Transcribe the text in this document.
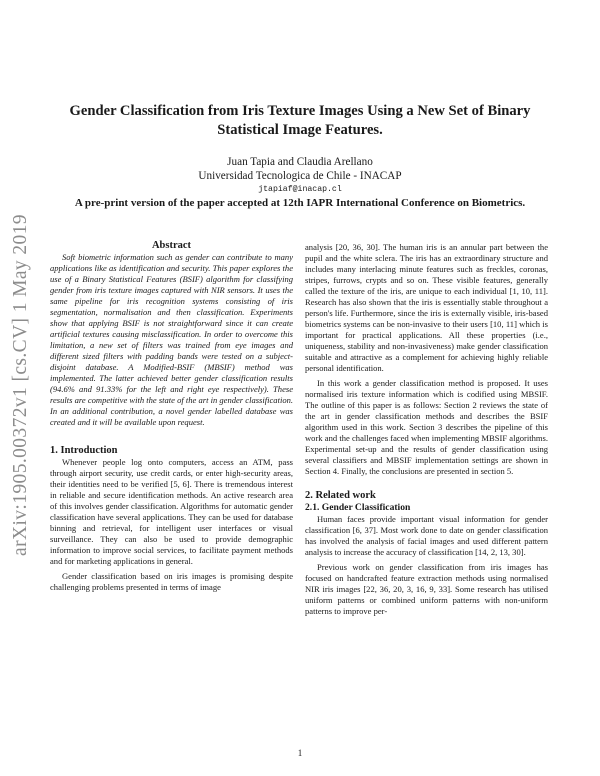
arXiv:1905.00372v1 [cs.CV] 1 May 2019
Gender Classification from Iris Texture Images Using a New Set of Binary
Statistical Image Features.
Juan Tapia and Claudia Arellano
Universidad Tecnologica de Chile - INACAP
jtapiaf@inacap.cl
A pre-print version of the paper accepted at 12th IAPR International Conference on Biometrics.

Abstract

Soft biometric information such as gender can contribute to many applications like as identification and security. This paper explores the use of a Binary Statistical Features (BSIF) algorithm for classifying gender from iris texture images captured with NIR sensors. It uses the same pipeline for iris recognition systems consisting of iris segmentation, normalisation and then classification. Experiments show that applying BSIF is not straightforward since it can create artificial textures causing misclassification. In order to overcome this limitation, a new set of filters was trained from eye images and different sized filters with padding bands were tested on a subject-disjoint database. A Modified-BSIF (MBSIF) method was implemented. The latter achieved better gender classification results (94.6% and 91.33% for the left and right eye respectively). These results are competitive with the state of the art in gender classification. In an additional contribution, a novel gender labelled database was created and it will be available upon request.

1. Introduction

Whenever people log onto computers, access an ATM, pass through airport security, use credit cards, or enter high-security areas, their identities need to be verified [5, 6]. There is tremendous interest in reliable and secure identification methods. An active research area of this involves gender classification. Algorithms for automatic gender classification have several applications. They can be used for database binning and retrieval, for intelligent user interfaces or visual surveillance. They can also be used to provide demographic information to improve social services, to facilitate payment methods and for marketing applications in general.

Gender classification based on iris images is promising despite challenging problems presented in terms of image

analysis [20, 36, 30]. The human iris is an annular part between the pupil and the white sclera. The iris has an extraordinary structure and includes many interlacing minute features such as freckles, coronas, stripes, furrows, crypts and so on. These visible features, generally called the texture of the iris, are unique to each individual [1, 10, 11]. Research has also shown that the iris is essentially stable throughout a person's life. Furthermore, since the iris is externally visible, iris-based biometrics systems can be non-invasive to their users [10, 11] which is important for practical applications. All these properties (i.e., uniqueness, stability and non-invasiveness) make gender classification suitable and attractive as a complement for achieving highly reliable personal identification.

In this work a gender classification method is proposed. It uses normalised iris texture information which is codified using MBSIF. The outline of this paper is as follows: Section 2 reviews the state of the art in gender classification methods and describes the BSIF algorithm used in this work. Section 3 describes the pipeline of this work and the challenges faced when implementing MBSIF algorithms. Experimental set-up and the results of gender classification using several classifiers and MBSIF implementation settings are shown in Section 4. Finally, the conclusions are presented in section 5.

2. Related work

2.1. Gender Classification

Human faces provide important visual information for gender classification [6, 37]. Most work done to date on gender classification has involved the analysis of facial images and used different pattern analysis to increase the accuracy of classification [14, 2, 13, 30].

Previous work on gender classification from iris images has focused on handcrafted feature extraction methods using normalised NIR iris images [22, 36, 20, 3, 16, 9, 33]. Some research has utilised uniform patterns or combined uniform patterns with non-uniform patterns to improve per-

1
